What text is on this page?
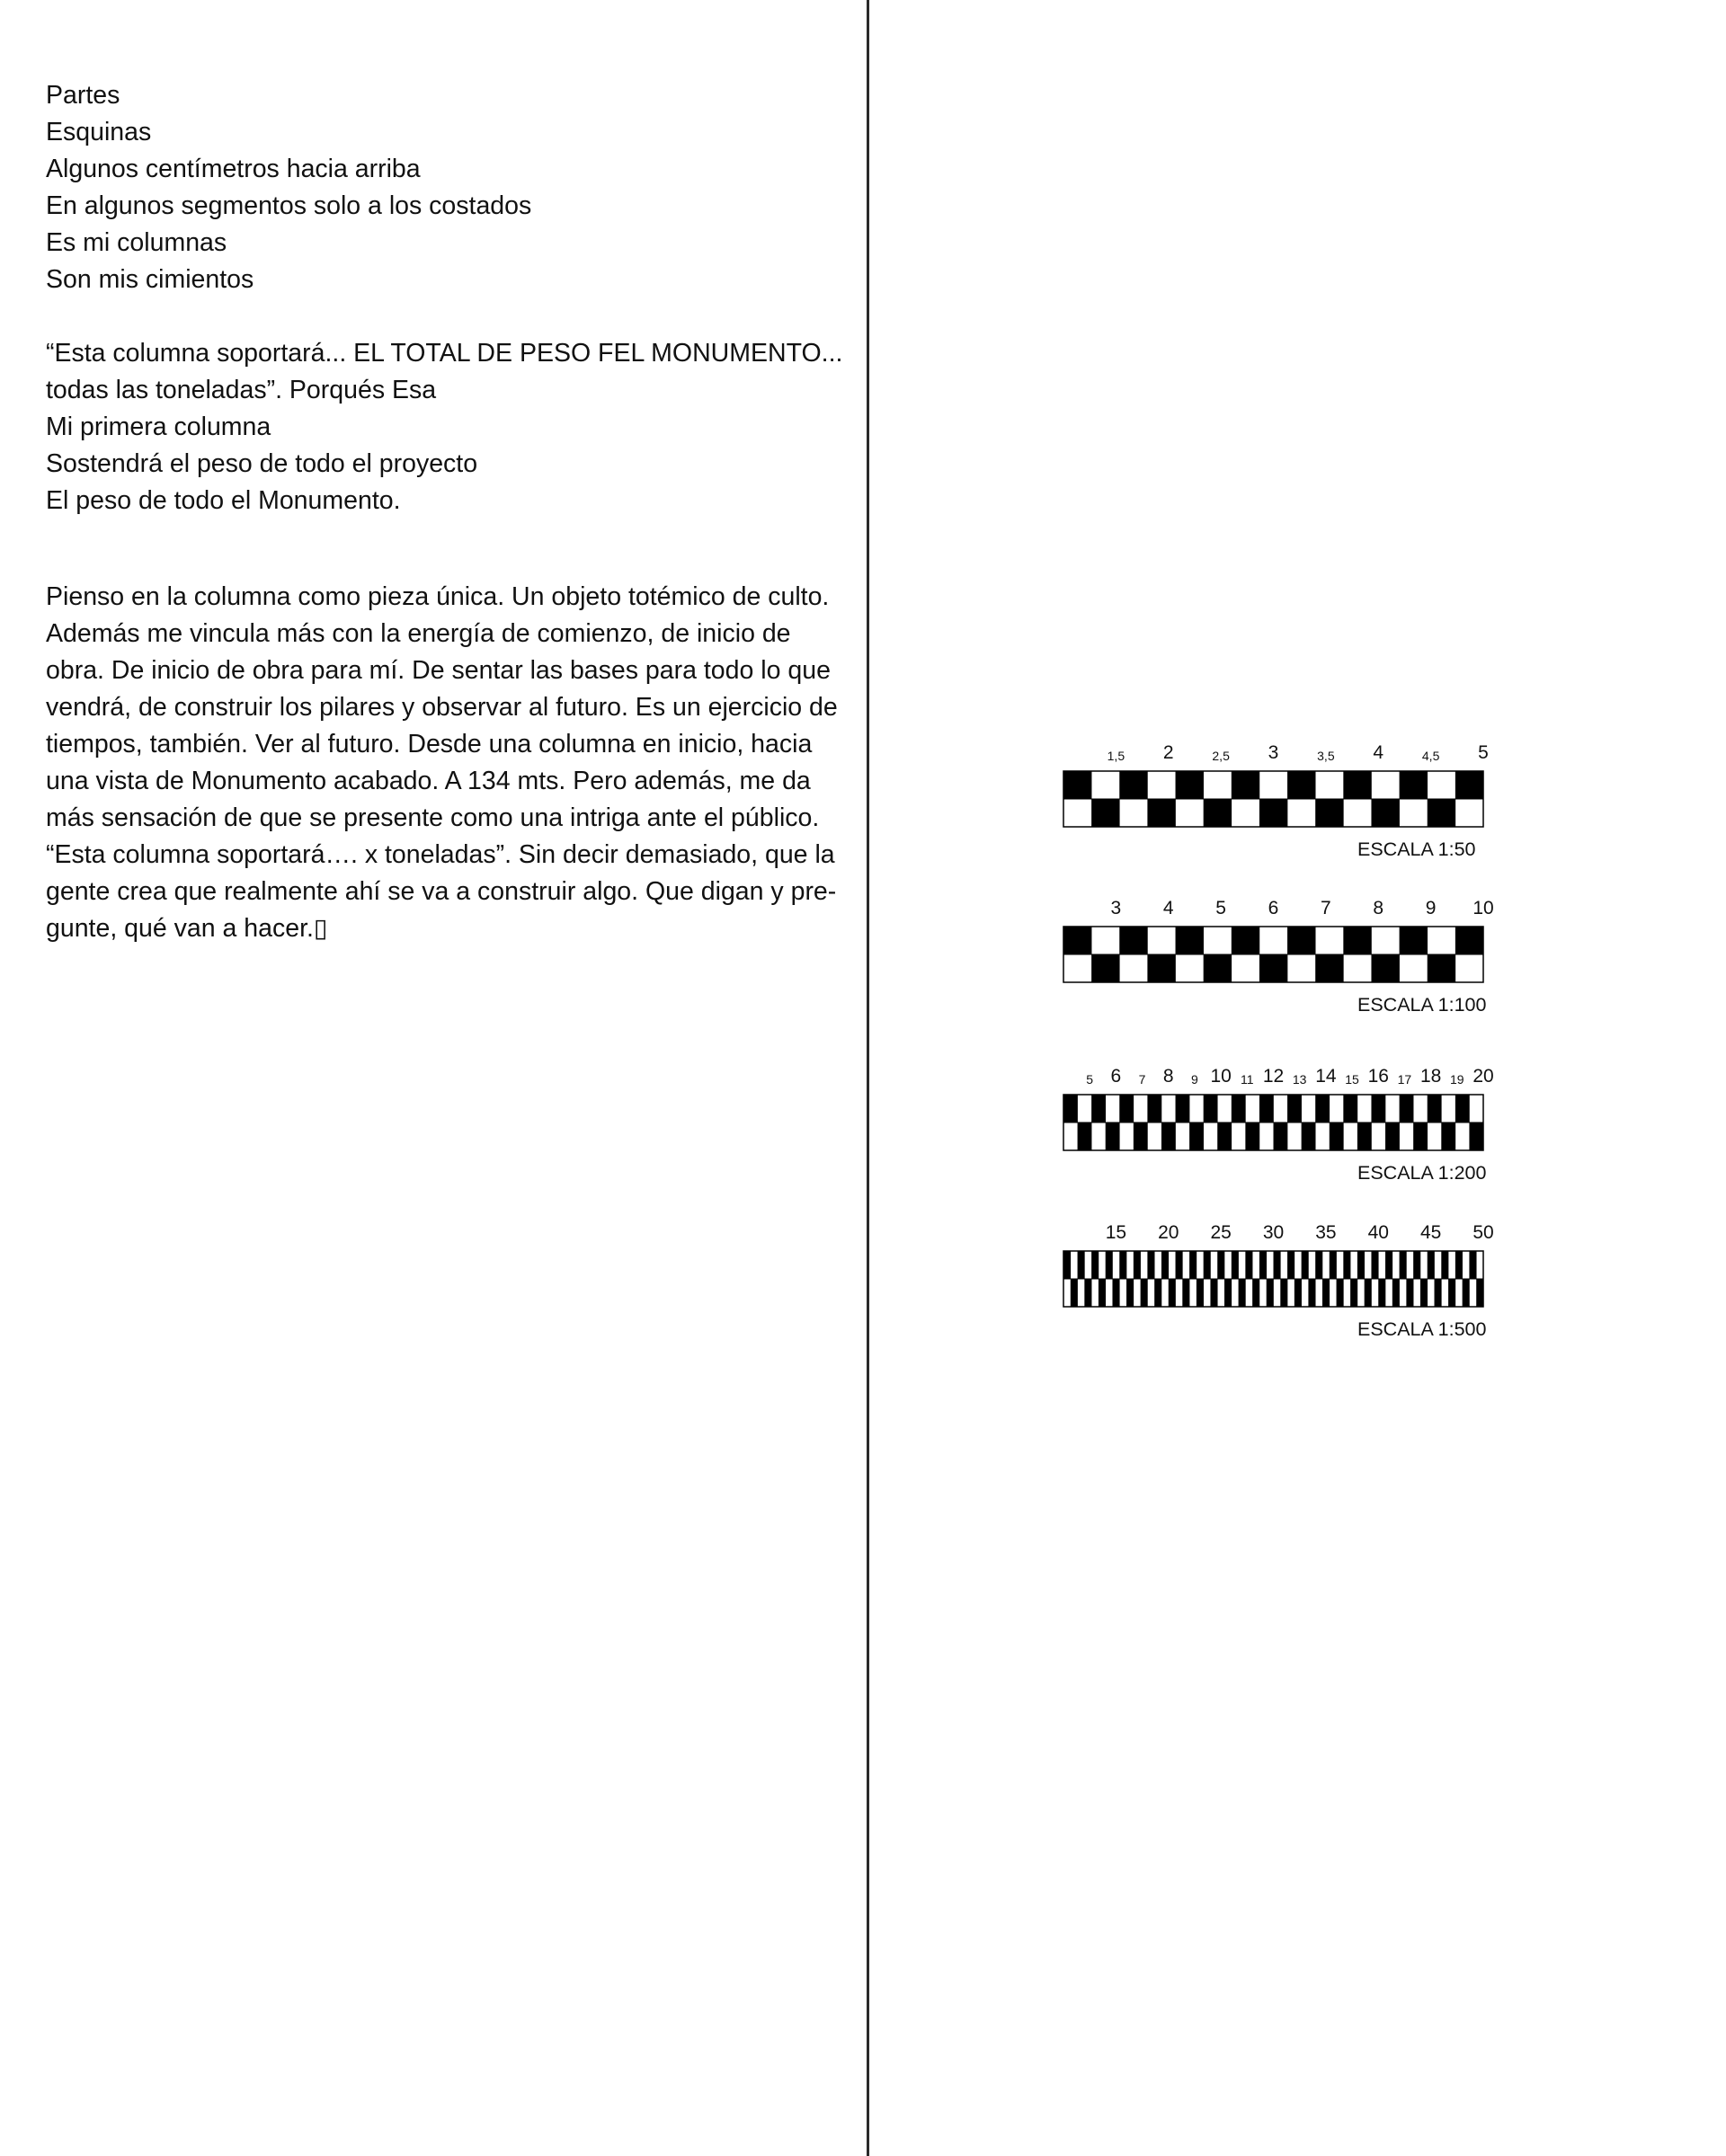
Partes
Esquinas
Algunos centímetros hacia arriba
En algunos segmentos solo a los costados
Es mi columnas
Son mis cimientos
“Esta columna soportará... EL TOTAL DE PESO FEL MONUMENTO...
todas las toneladas”. Porqués Esa
Mi primera columna
Sostendrá el peso de todo el proyecto
El peso de todo el Monumento.
Pienso en la columna como pieza única. Un objeto totémico de culto.
Además me vincula más con la energía de comienzo, de inicio de
obra. De inicio de obra para mí. De sentar las bases para todo lo que
vendrá, de construir los pilares y observar al futuro. Es un ejercicio de
tiempos, también. Ver al futuro. Desde una columna en inicio, hacia
una vista de Monumento acabado. A 134 mts. Pero además, me da
más sensación de que se presente como una intriga ante el público.
“Esta columna soportará…. x toneladas”. Sin decir demasiado, que la
gente crea que realmente ahí se va a construir algo. Que digan y pre-
gunte, qué van a hacer.▯
2	3	4	5
1,5	2,5	3,5	4,5
ESCALA 1:50
3 4 5 6 7 8 9 10
ESCALA 1:100
6 8 10 12 14 16 18 20
5	7	9	11	13	15	17	19
ESCALA 1:200
15 20 25 30 35 40 45 50
ESCALA 1:500
